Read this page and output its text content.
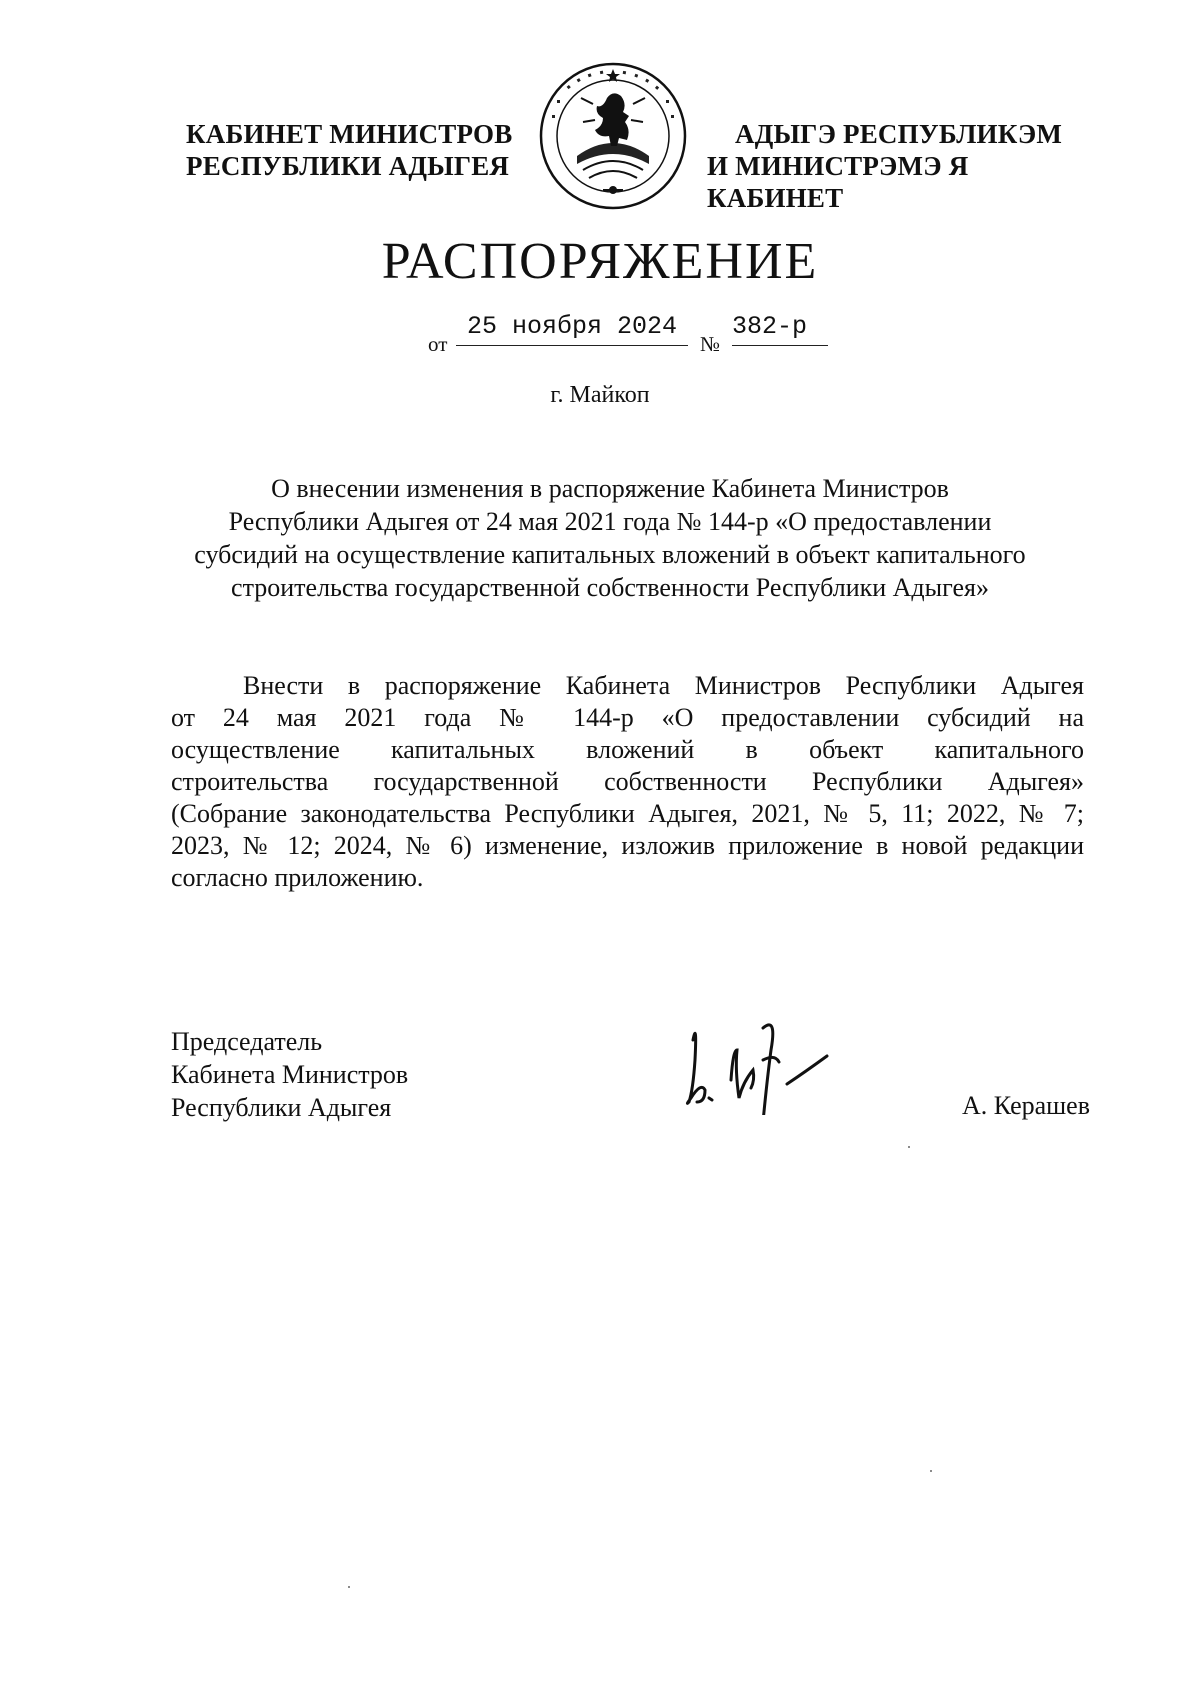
КАБИНЕТ МИНИСТРОВ
РЕСПУБЛИКИ АДЫГЕЯ
АДЫГЭ РЕСПУБЛИКЭМ
И МИНИСТРЭМЭ Я КАБИНЕТ
РАСПОРЯЖЕНИЕ
от
25 ноября 2024
№
382-р
г. Майкоп
О внесении изменения в распоряжение Кабинета Министров
Республики Адыгея от 24 мая 2021 года № 144-р «О предоставлении
субсидий на осуществление капитальных вложений в объект капитального
строительства государственной собственности Республики Адыгея»
Внести в распоряжение Кабинета Министров Республики Адыгея
от 24 мая 2021 года № 144-р «О предоставлении субсидий на
осуществление капитальных вложений в объект капитального
строительства государственной собственности Республики Адыгея»
(Собрание законодательства Республики Адыгея, 2021, № 5, 11; 2022, № 7;
2023, № 12; 2024, № 6) изменение, изложив приложение в новой редакции
согласно приложению.
Председатель
Кабинета Министров
Республики Адыгея	А. Керашев
